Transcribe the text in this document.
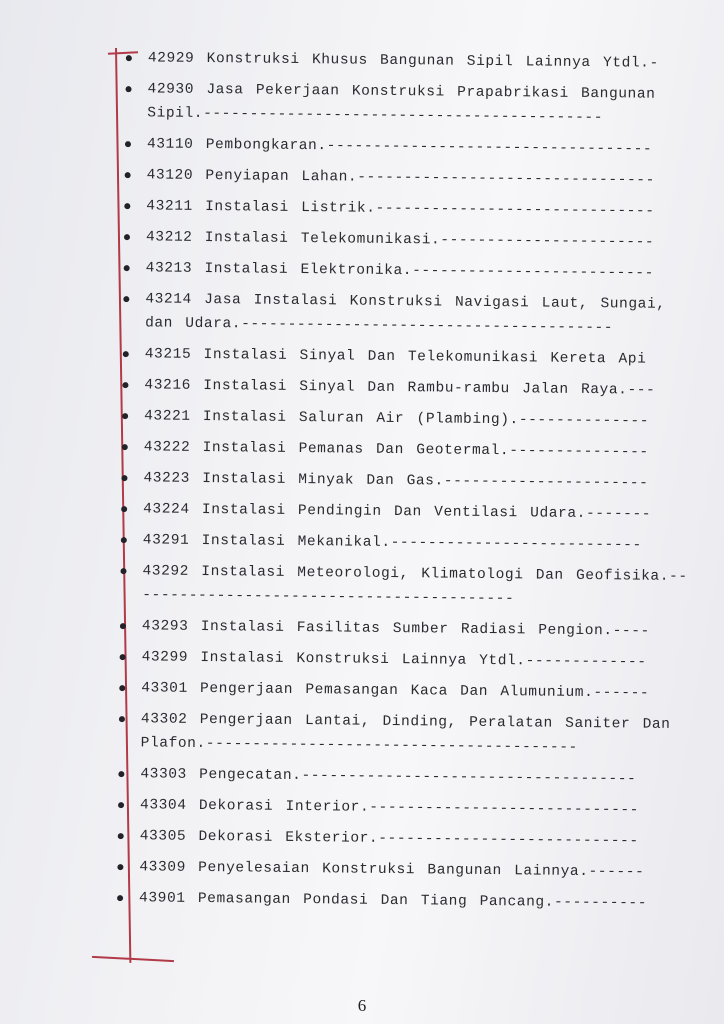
42929 Konstruksi Khusus Bangunan Sipil Lainnya Ytdl.-
42930 Jasa Pekerjaan Konstruksi Prapabrikasi Bangunan Sipil.-------------------------------------------
43110 Pembongkaran.-----------------------------------
43120 Penyiapan Lahan.--------------------------------
43211 Instalasi Listrik.------------------------------
43212 Instalasi Telekomunikasi.-----------------------
43213 Instalasi Elektronika.--------------------------
43214 Jasa Instalasi Konstruksi Navigasi Laut, Sungai, dan Udara.----------------------------------------
43215 Instalasi Sinyal Dan Telekomunikasi Kereta Api
43216 Instalasi Sinyal Dan Rambu-rambu Jalan Raya.---
43221 Instalasi Saluran Air (Plambing).--------------
43222 Instalasi Pemanas Dan Geotermal.---------------
43223 Instalasi Minyak Dan Gas.----------------------
43224 Instalasi Pendingin Dan Ventilasi Udara.-------
43291 Instalasi Mekanikal.---------------------------
43292 Instalasi Meteorologi, Klimatologi Dan Geofisika.------------------------------------------
43293 Instalasi Fasilitas Sumber Radiasi Pengion.----
43299 Instalasi Konstruksi Lainnya Ytdl.-------------
43301 Pengerjaan Pemasangan Kaca Dan Alumunium.------
43302 Pengerjaan Lantai, Dinding, Peralatan Saniter Dan Plafon.----------------------------------------
43303 Pengecatan.------------------------------------
43304 Dekorasi Interior.-----------------------------
43305 Dekorasi Eksterior.----------------------------
43309 Penyelesaian Konstruksi Bangunan Lainnya.------
43901 Pemasangan Pondasi Dan Tiang Pancang.----------
6
